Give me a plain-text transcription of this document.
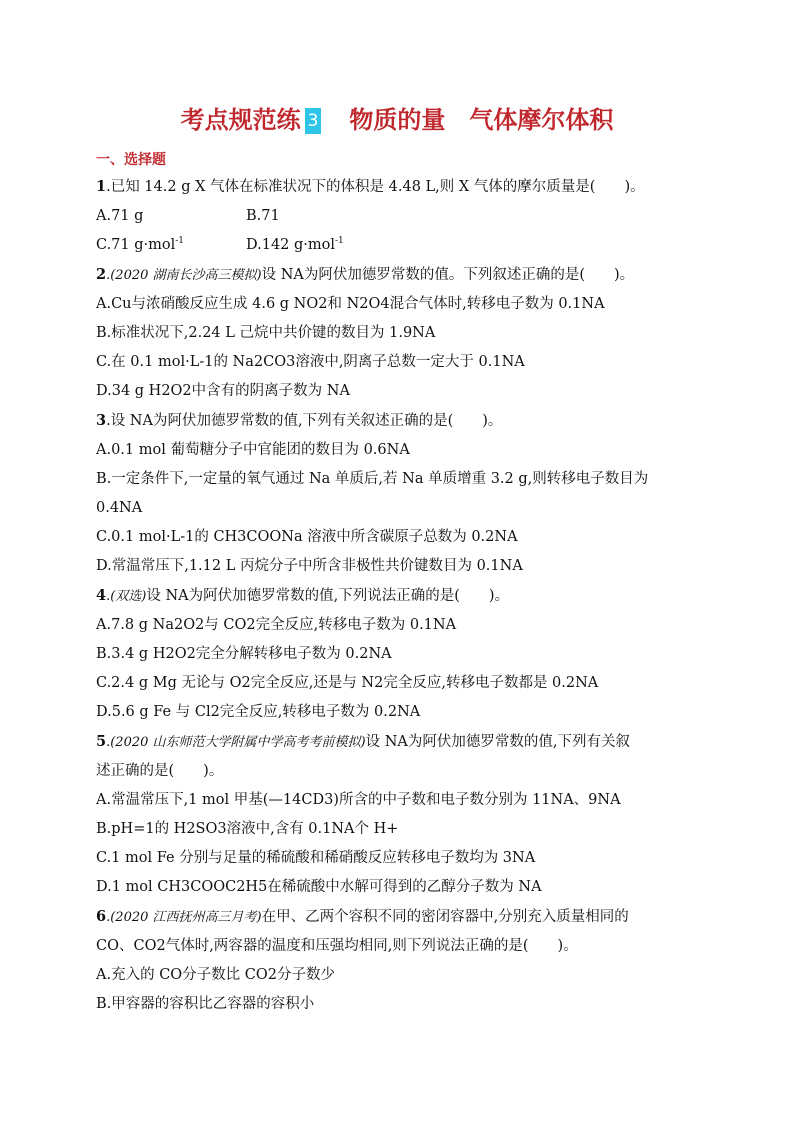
考点规范练 3 物质的量 气体摩尔体积
一、选择题
1.已知 14.2 g X 气体在标准状况下的体积是 4.48 L,则 X 气体的摩尔质量是(　　)。
A.71 g	B.71
C.71 g·mol$^{-1}$	D.142 g·mol$^{-1}$
2.(2020 湖南长沙高三模拟)设 NA为阿伏加德罗常数的值。下列叙述正确的是(　　)。
A.Cu与浓硝酸反应生成 4.6 g NO2和 N2O4混合气体时,转移电子数为 0.1NA
B.标准状况下,2.24 L 己烷中共价键的数目为 1.9NA
C.在 0.1 mol·L-1的 Na2CO3溶液中,阴离子总数一定大于 0.1NA
D.34 g H2O2中含有的阴离子数为 NA
3.设 NA为阿伏加德罗常数的值,下列有关叙述正确的是(　　)。
A.0.1 mol 葡萄糖分子中官能团的数目为 0.6NA
B.一定条件下,一定量的氧气通过 Na 单质后,若 Na 单质增重 3.2 g,则转移电子数目为
0.4NA
C.0.1 mol·L-1的 CH3COONa 溶液中所含碳原子总数为 0.2NA
D.常温常压下,1.12 L 丙烷分子中所含非极性共价键数目为 0.1NA
4.(双选)设 NA为阿伏加德罗常数的值,下列说法正确的是(　　)。
A.7.8 g Na2O2与 CO2完全反应,转移电子数为 0.1NA
B.3.4 g H2O2完全分解转移电子数为 0.2NA
C.2.4 g Mg 无论与 O2完全反应,还是与 N2完全反应,转移电子数都是 0.2NA
D.5.6 g Fe 与 Cl2完全反应,转移电子数为 0.2NA
5.(2020 山东师范大学附属中学高考考前模拟)设 NA为阿伏加德罗常数的值,下列有关叙
述正确的是(　　)。
A.常温常压下,1 mol 甲基(—14CD3)所含的中子数和电子数分别为 11NA、9NA
B.pH=1的 H2SO3溶液中,含有 0.1NA个 H+
C.1 mol Fe 分别与足量的稀硫酸和稀硝酸反应转移电子数均为 3NA
D.1 mol CH3COOC2H5在稀硫酸中水解可得到的乙醇分子数为 NA
6.(2020 江西抚州高三月考)在甲、乙两个容积不同的密闭容器中,分别充入质量相同的
CO、CO2气体时,两容器的温度和压强均相同,则下列说法正确的是(　　)。
A.充入的 CO分子数比 CO2分子数少
B.甲容器的容积比乙容器的容积小
